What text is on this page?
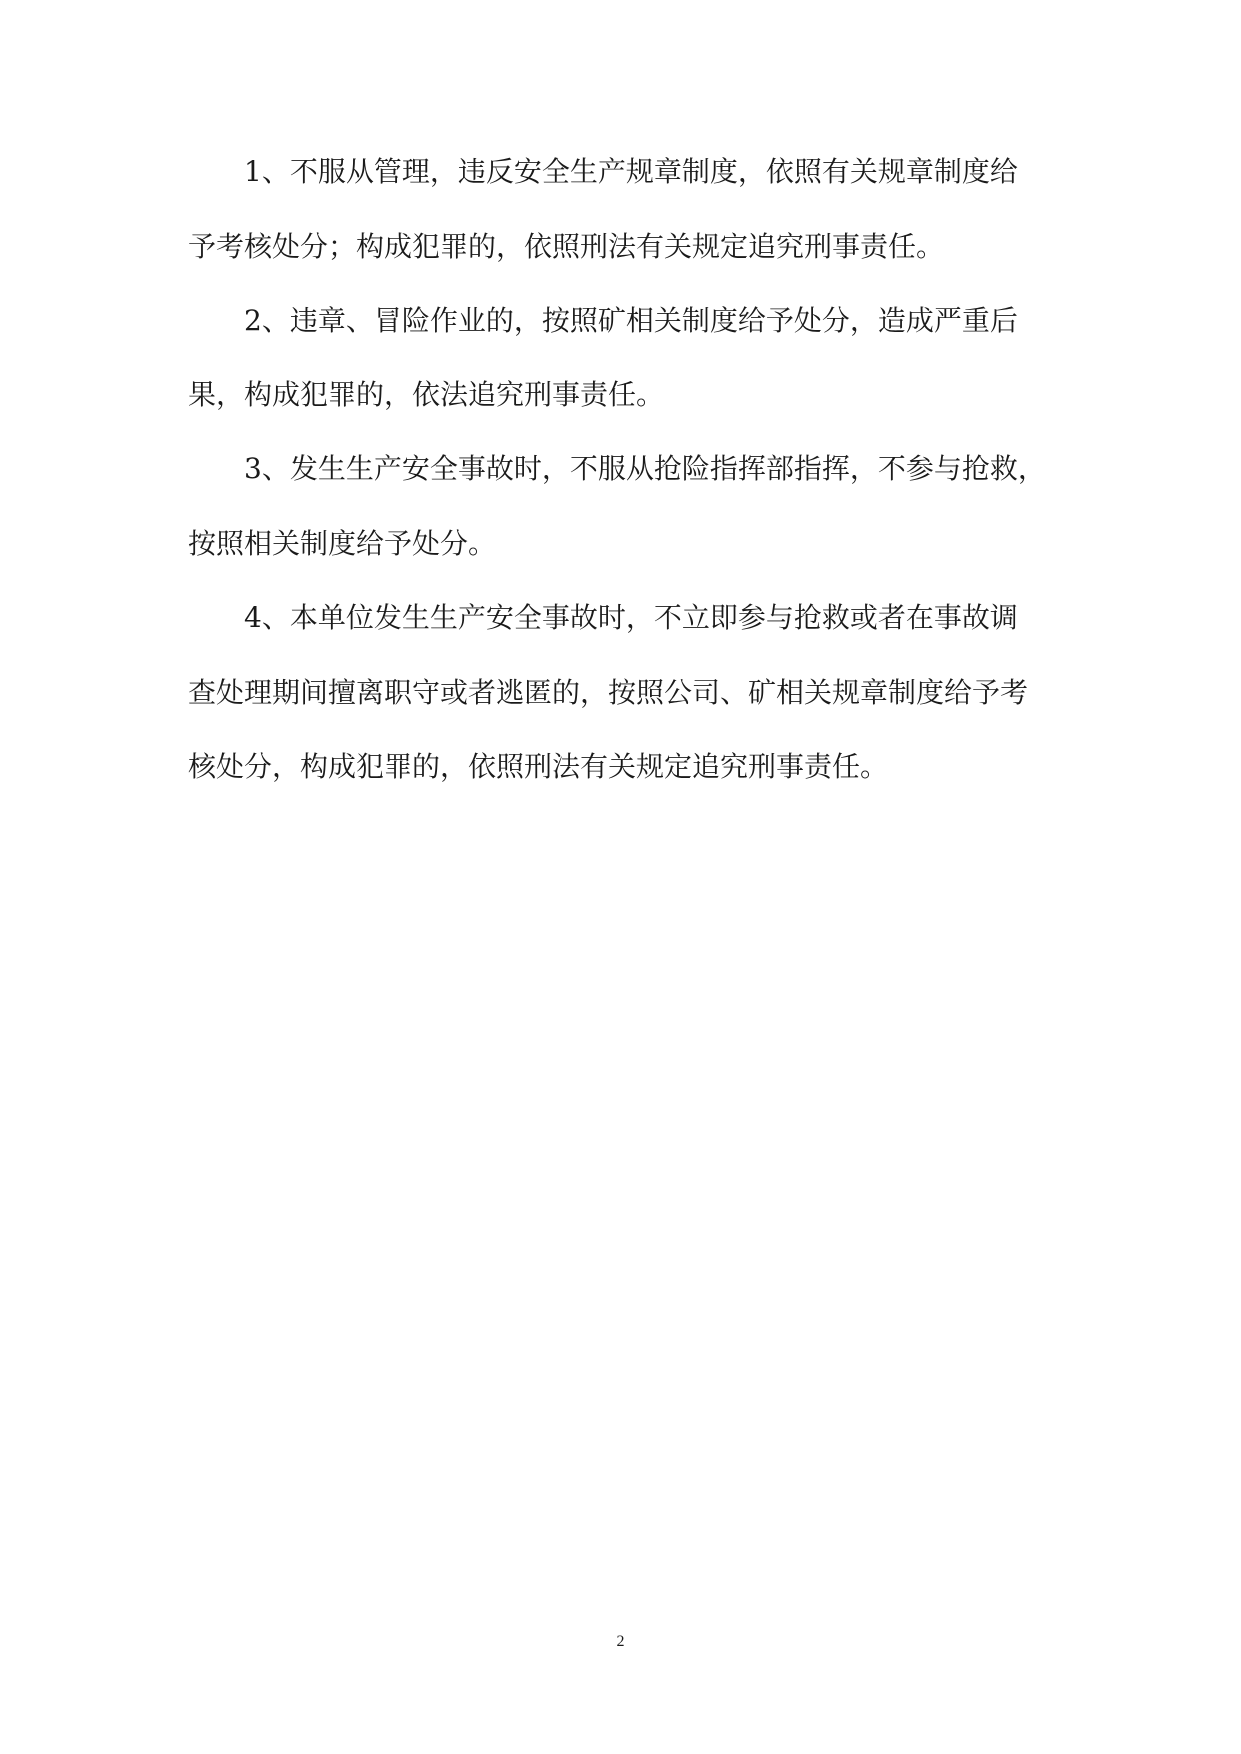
1、不服从管理，违反安全生产规章制度，依照有关规章制度给
予考核处分；构成犯罪的，依照刑法有关规定追究刑事责任。
2、违章、冒险作业的，按照矿相关制度给予处分，造成严重后
果，构成犯罪的，依法追究刑事责任。
3、发生生产安全事故时，不服从抢险指挥部指挥，不参与抢救，
按照相关制度给予处分。
4、本单位发生生产安全事故时，不立即参与抢救或者在事故调
查处理期间擅离职守或者逃匿的，按照公司、矿相关规章制度给予考
核处分，构成犯罪的，依照刑法有关规定追究刑事责任。
2
